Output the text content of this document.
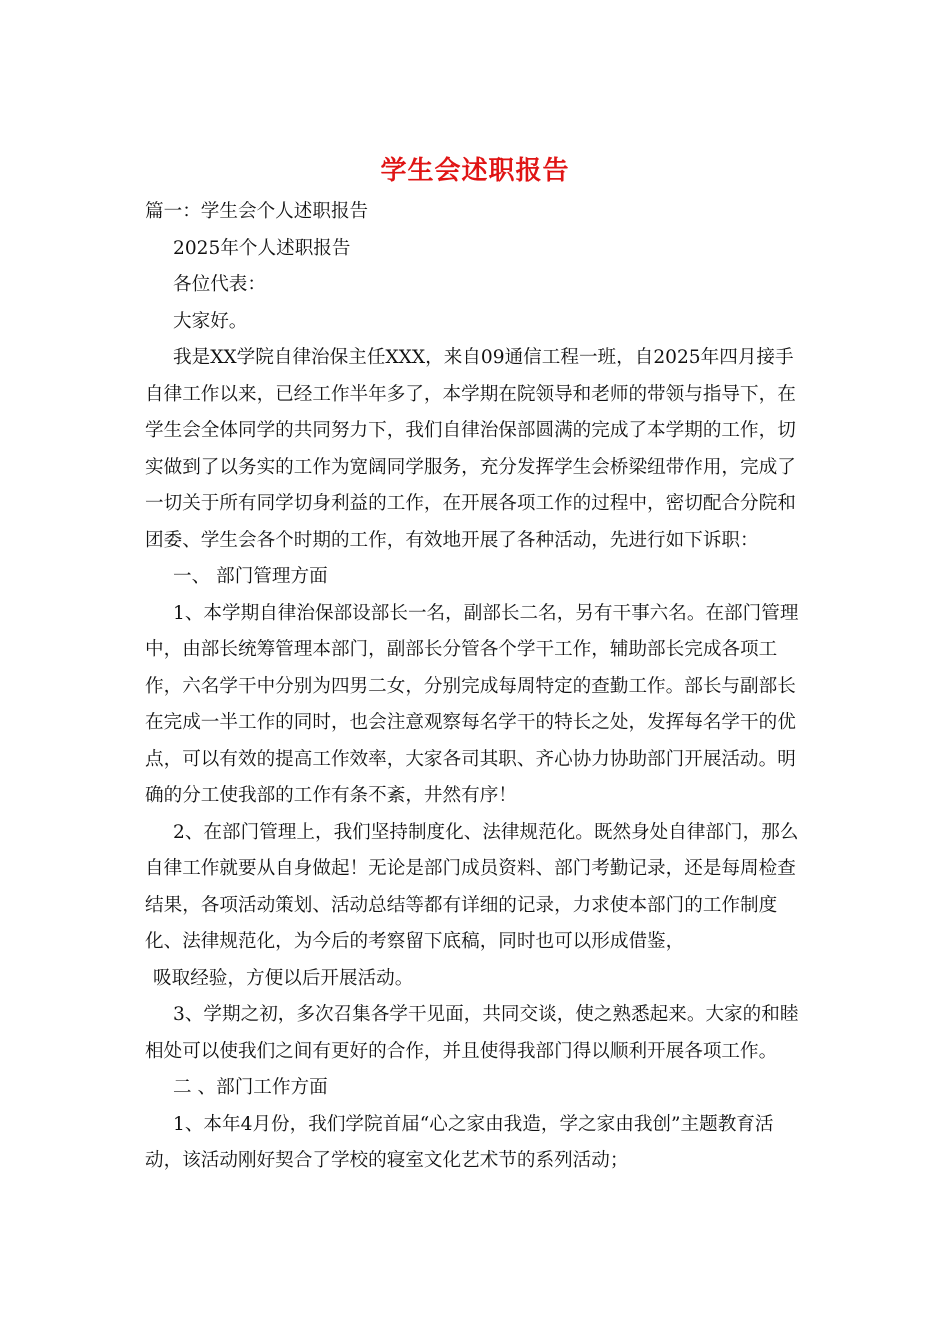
学生会述职报告

篇一：学生会个人述职报告

2025年个人述职报告

各位代表：

大家好。

我是XX学院自律治保主任XXX，来自09通信工程一班，自2025年四月接手自律工作以来，已经工作半年多了，本学期在院领导和老师的带领与指导下，在学生会全体同学的共同努力下，我们自律治保部圆满的完成了本学期的工作，切实做到了以务实的工作为宽阔同学服务，充分发挥学生会桥梁纽带作用，完成了一切关于所有同学切身利益的工作，在开展各项工作的过程中，密切配合分院和团委、学生会各个时期的工作，有效地开展了各种活动，先进行如下诉职：

一、 部门管理方面

1、本学期自律治保部设部长一名，副部长二名，另有干事六名。在部门管理中，由部长统筹管理本部门，副部长分管各个学干工作，辅助部长完成各项工作，六名学干中分别为四男二女，分别完成每周特定的查勤工作。部长与副部长在完成一半工作的同时，也会注意观察每名学干的特长之处，发挥每名学干的优点，可以有效的提高工作效率，大家各司其职、齐心协力协助部门开展活动。明确的分工使我部的工作有条不紊，井然有序！

2、在部门管理上，我们坚持制度化、法律规范化。既然身处自律部门，那么自律工作就要从自身做起！无论是部门成员资料、部门考勤记录，还是每周检查结果，各项活动策划、活动总结等都有详细的记录，力求使本部门的工作制度化、法律规范化，为今后的考察留下底稿，同时也可以形成借鉴，

吸取经验，方便以后开展活动。

3、学期之初，多次召集各学干见面，共同交谈，使之熟悉起来。大家的和睦相处可以使我们之间有更好的合作，并且使得我部门得以顺利开展各项工作。

二 、部门工作方面

1、本年4月份，我们学院首届“心之家由我造，学之家由我创”主题教育活动，该活动刚好契合了学校的寝室文化艺术节的系列活动；
